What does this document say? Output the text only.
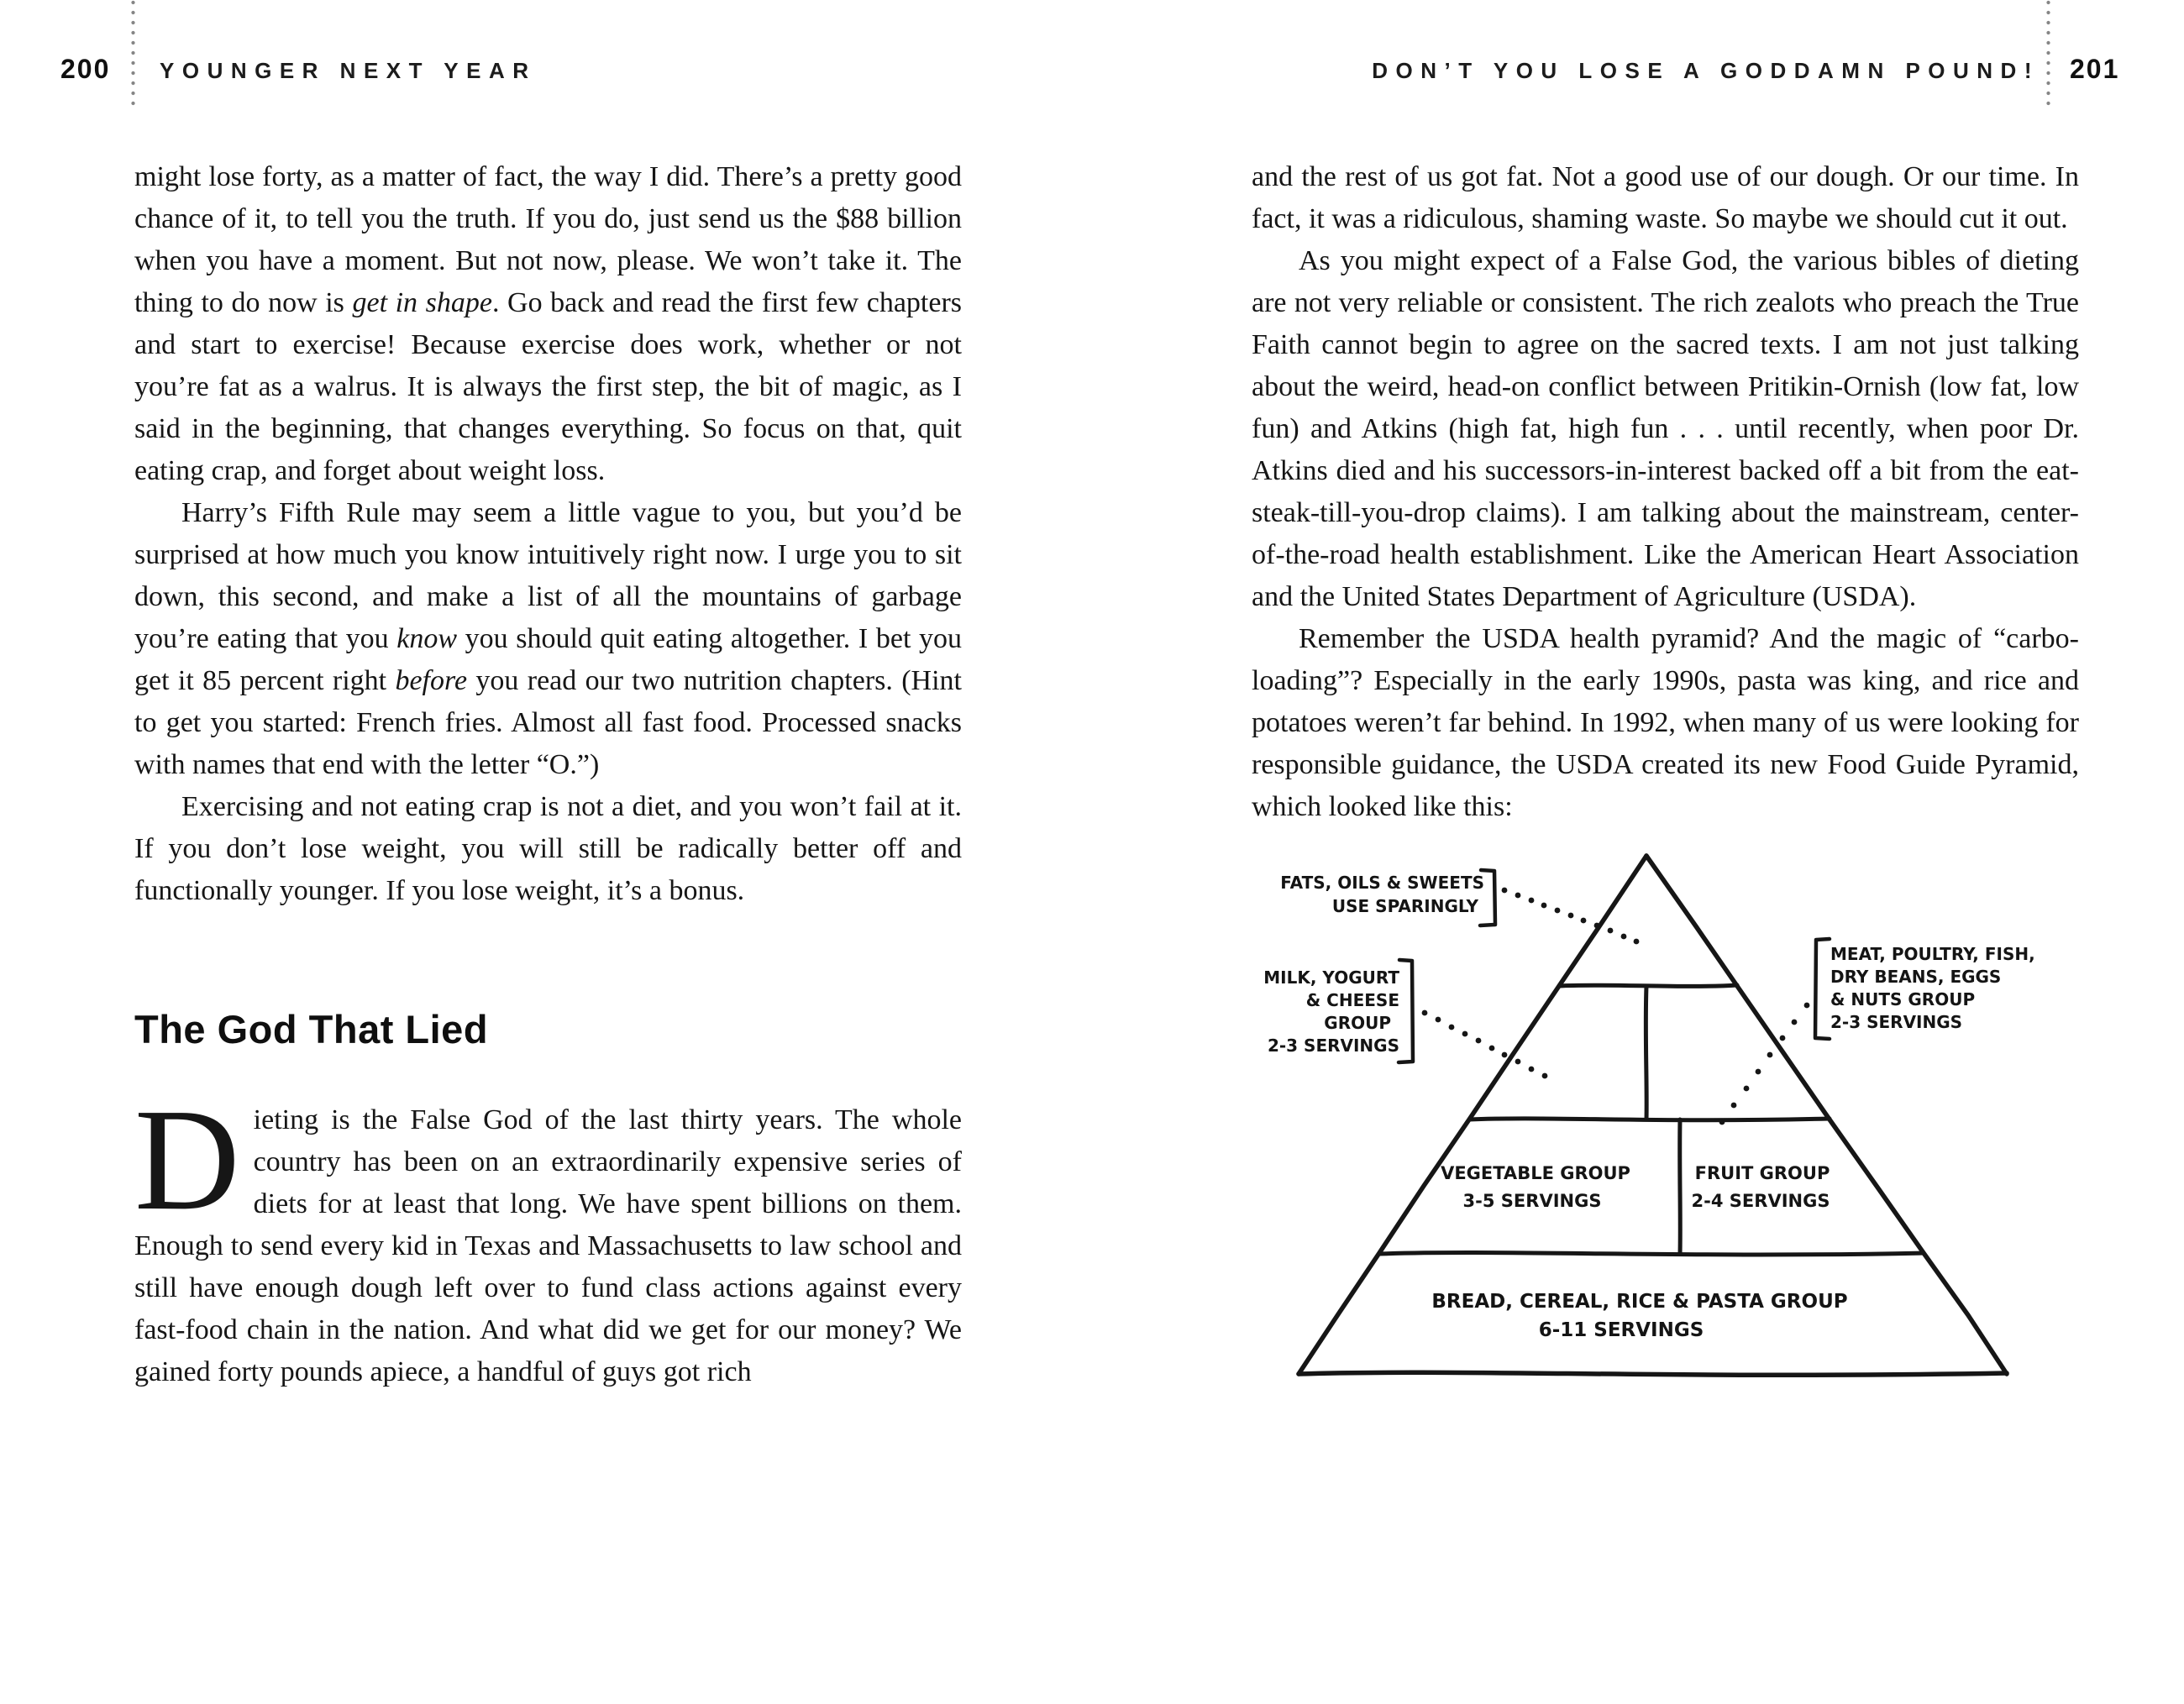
200 YOUNGER NEXT YEAR	DON’T YOU LOSE A GODDAMN POUND! 201

might lose forty, as a matter of fact, the way I did. There’s a pretty good chance of it, to tell you the truth. If you do, just send us the $88 billion when you have a moment. But not now, please. We won’t take it. The thing to do now is get in shape. Go back and read the first few chapters and start to exercise! Because exercise does work, whether or not you’re fat as a walrus. It is always the first step, the bit of magic, as I said in the beginning, that changes everything. So focus on that, quit eating crap, and forget about weight loss.

Harry’s Fifth Rule may seem a little vague to you, but you’d be surprised at how much you know intuitively right now. I urge you to sit down, this second, and make a list of all the mountains of garbage you’re eating that you know you should quit eating altogether. I bet you get it 85 percent right before you read our two nutrition chapters. (Hint to get you started: French fries. Almost all fast food. Processed snacks with names that end with the letter “O.”)

Exercising and not eating crap is not a diet, and you won’t fail at it. If you don’t lose weight, you will still be radically better off and functionally younger. If you lose weight, it’s a bonus.

The God That Lied

Dieting is the False God of the last thirty years. The whole country has been on an extraordinarily expensive series of diets for at least that long. We have spent billions on them. Enough to send every kid in Texas and Massachusetts to law school and still have enough dough left over to fund class actions against every fast-food chain in the nation. And what did we get for our money? We gained forty pounds apiece, a handful of guys got rich

and the rest of us got fat. Not a good use of our dough. Or our time. In fact, it was a ridiculous, shaming waste. So maybe we should cut it out.

As you might expect of a False God, the various bibles of dieting are not very reliable or consistent. The rich zealots who preach the True Faith cannot begin to agree on the sacred texts. I am not just talking about the weird, head-on conflict between Pritikin-Ornish (low fat, low fun) and Atkins (high fat, high fun . . . until recently, when poor Dr. Atkins died and his successors-in-interest backed off a bit from the eat-steak-till-you-drop claims). I am talking about the mainstream, center-of-the-road health establishment. Like the American Heart Association and the United States Department of Agriculture (USDA).

Remember the USDA health pyramid? And the magic of “carbo-loading”? Especially in the early 1990s, pasta was king, and rice and potatoes weren’t far behind. In 1992, when many of us were looking for responsible guidance, the USDA created its new Food Guide Pyramid, which looked like this:

FATS, OILS & SWEETS
USE SPARINGLY
MILK, YOGURT
& CHEESE
GROUP
2-3 SERVINGS
MEAT, POULTRY, FISH,
DRY BEANS, EGGS
& NUTS GROUP
2-3 SERVINGS
VEGETABLE GROUP
3-5 SERVINGS
FRUIT GROUP
2-4 SERVINGS
BREAD, CEREAL, RICE & PASTA GROUP
6-11 SERVINGS
